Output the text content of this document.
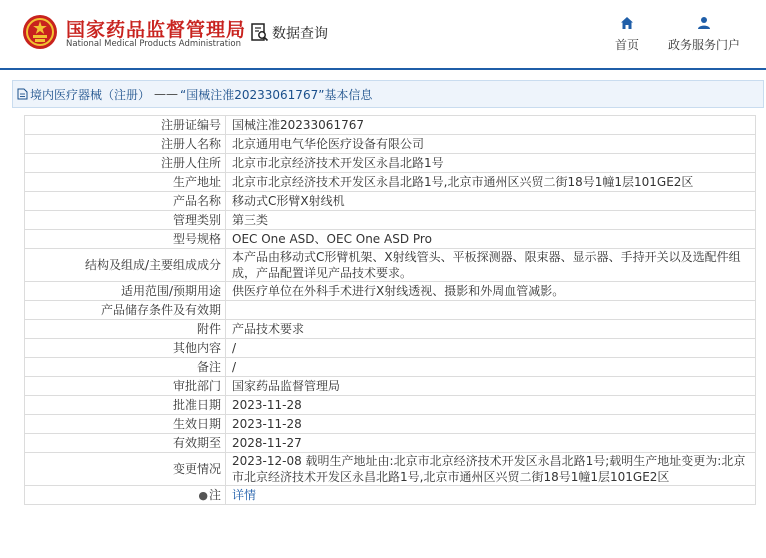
国家药品监督管理局
National Medical Products Administration
数据查询
首页	政务服务门户
境内医疗器械（注册） —— “国械注准20233061767”基本信息
注册证编号	国械注准20233061767
注册人名称	北京通用电气华伦医疗设备有限公司
注册人住所	北京市北京经济技术开发区永昌北路1号
生产地址	北京市北京经济技术开发区永昌北路1号,北京市通州区兴贸二街18号1幢1层101GE2区
产品名称	移动式C形臂X射线机
管理类别	第三类
型号规格	OEC One ASD、OEC One ASD Pro
结构及组成/主要组成成分	本产品由移动式C形臂机架、X射线管头、平板探测器、限束器、显示器、手持开关以及选配件组成，产品配置详见产品技术要求。
适用范围/预期用途	供医疗单位在外科手术进行X射线透视、摄影和外周血管减影。
产品储存条件及有效期	
附件	产品技术要求
其他内容	/
备注	/
审批部门	国家药品监督管理局
批准日期	2023-11-28
生效日期	2023-11-28
有效期至	2028-11-27
变更情况	2023-12-08 载明生产地址由:北京市北京经济技术开发区永昌北路1号;载明生产地址变更为:北京市北京经济技术开发区永昌北路1号,北京市通州区兴贸二街18号1幢1层101GE2区
●注	详情
